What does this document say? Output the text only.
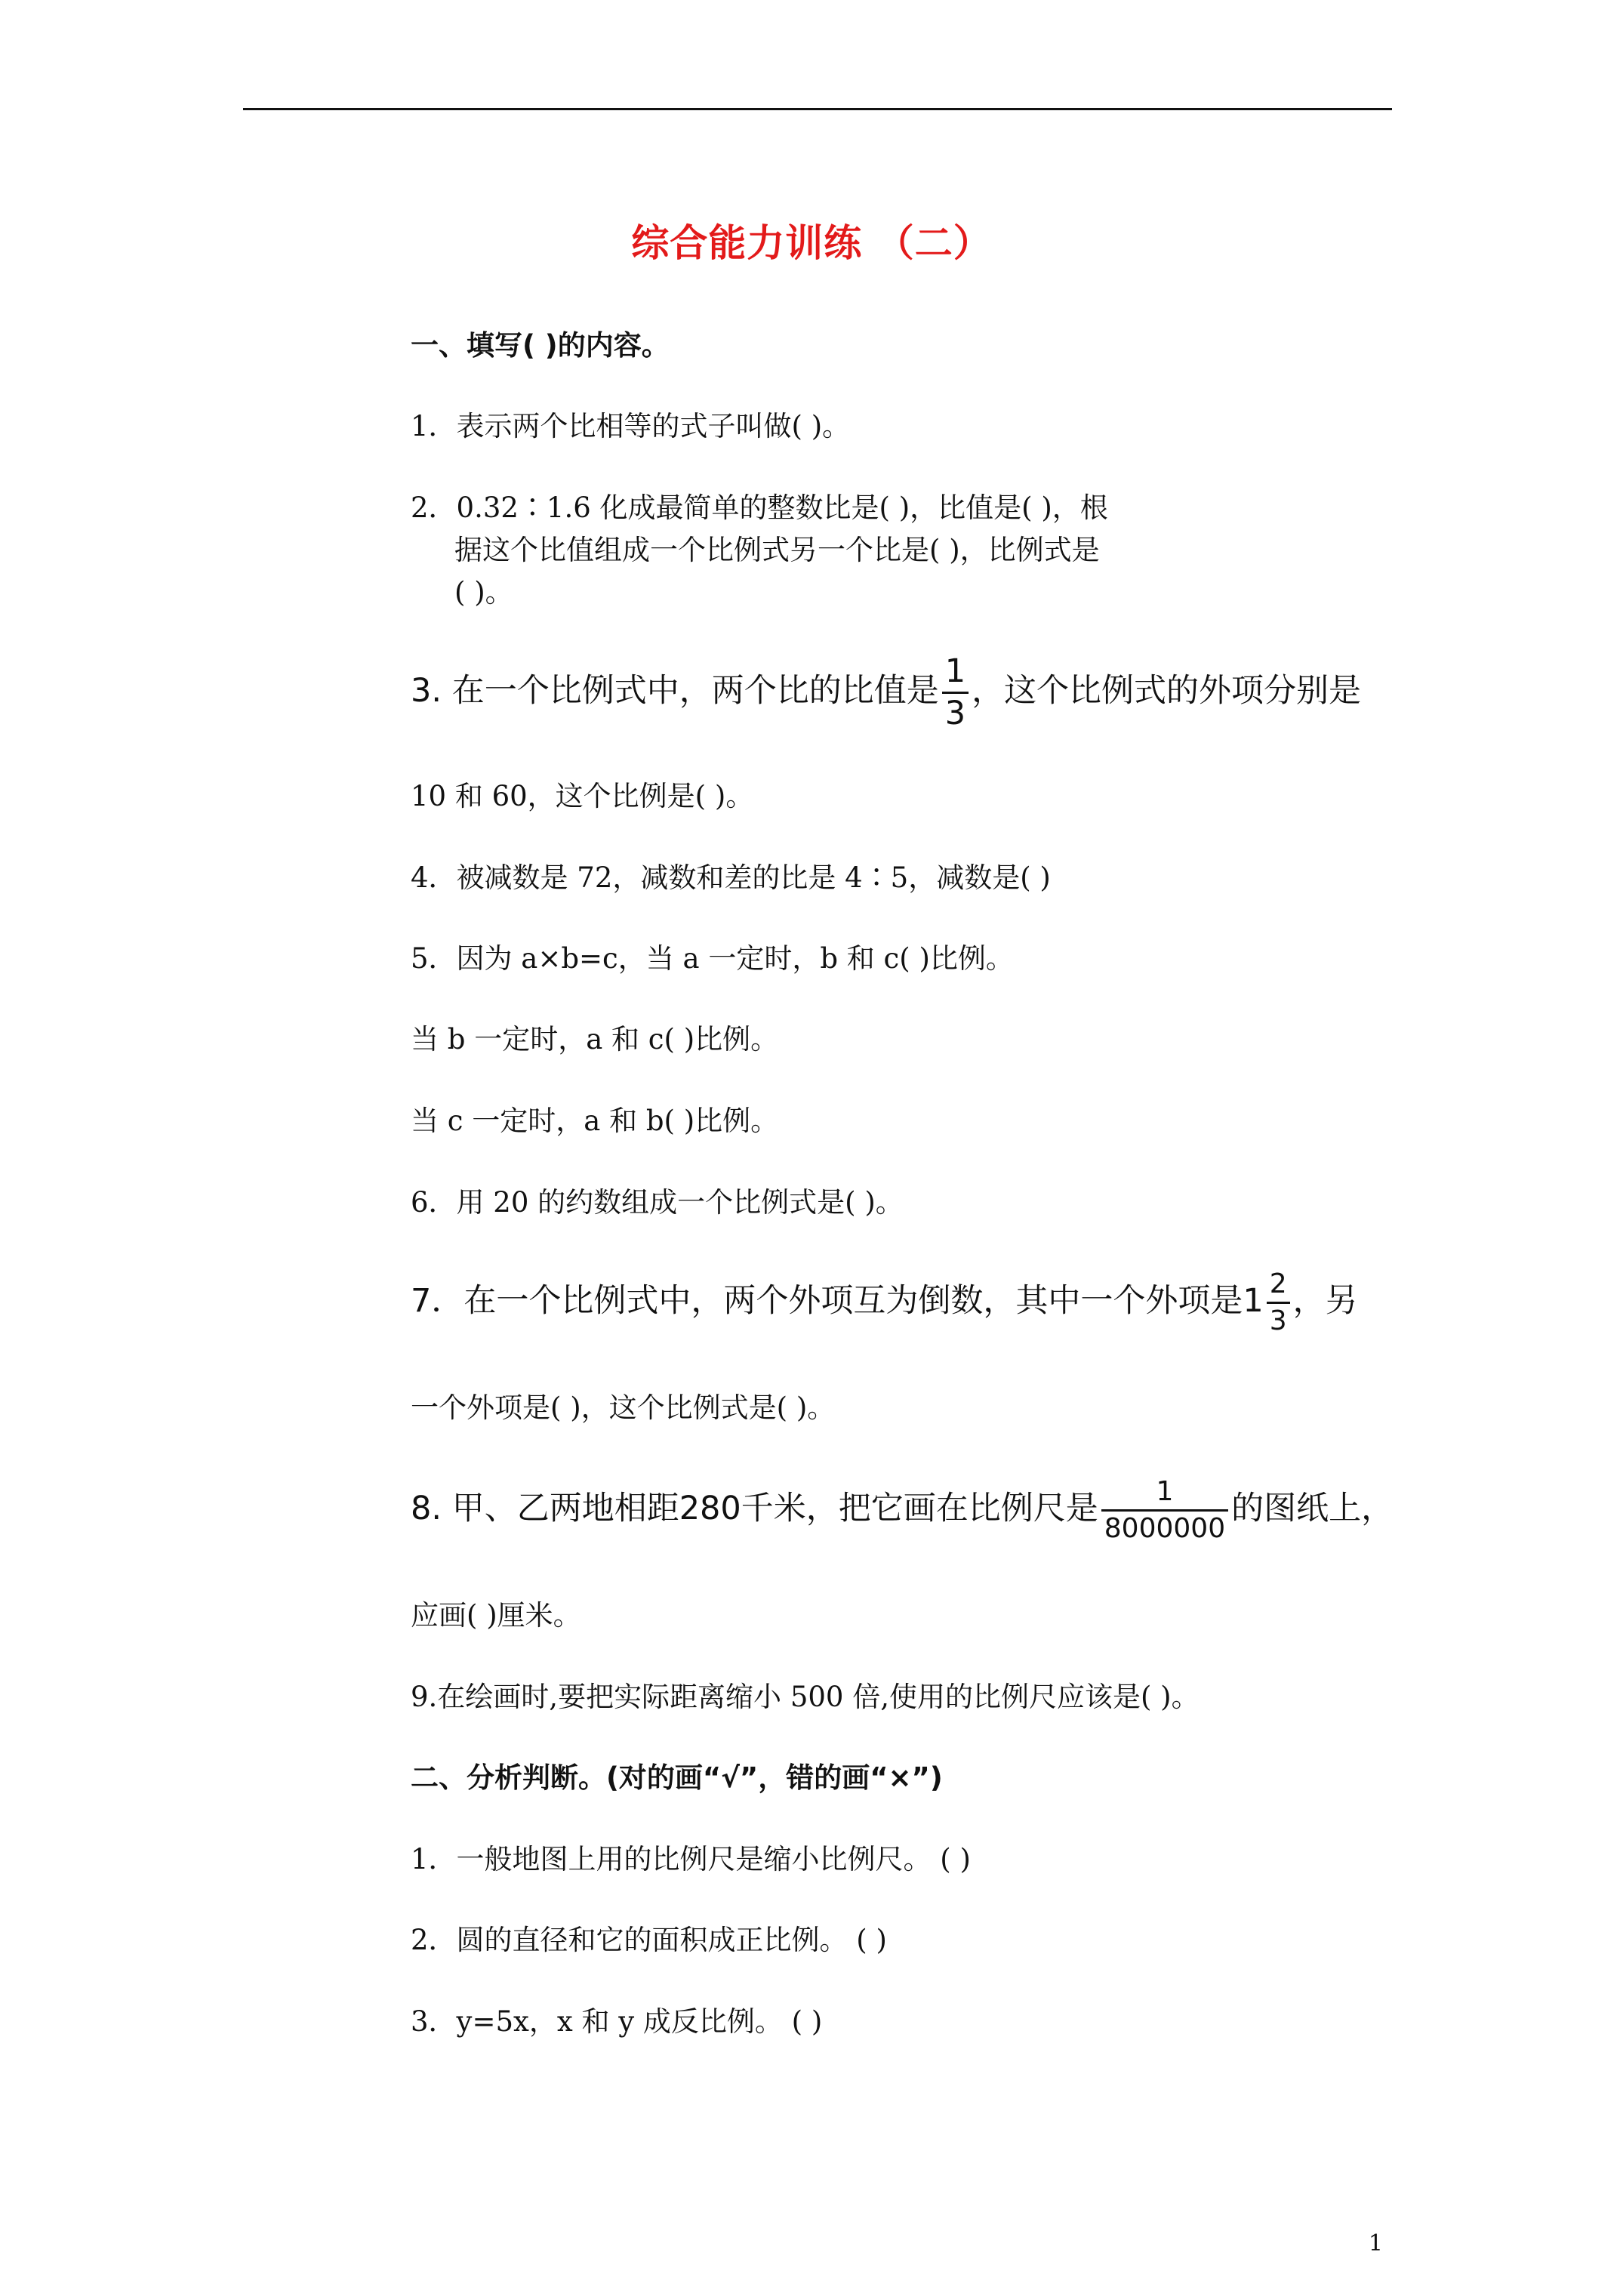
综合能力训练 （二）
一、填写( )的内容。
1．表示两个比相等的式子叫做( )。
2．0.32∶1.6 化成最简单的整数比是( )，比值是( )，根
据这个比值组成一个比例式另一个比是( )，比例式是
( )。
3. 在一个比例式中，两个比的比值是 $\frac{1}{3}$ ，这个比例式的外项分别是
10 和 60，这个比例是( )。
4．被减数是 72，减数和差的比是 4∶5，减数是( )
5．因为 a×b=c，当 a 一定时，b 和 c( )比例。
当 b 一定时，a 和 c( )比例。
当 c 一定时，a 和 b( )比例。
6．用 20 的约数组成一个比例式是( )。
7．在一个比例式中，两个外项互为倒数，其中一个外项是$1 \frac{2}{3}$ ，另
一个外项是( )，这个比例式是( )。
8. 甲、乙两地相距280千米，把它画在比例尺是 $\frac{1}{8000000}$ 的图纸上，
应画( )厘米。
9.在绘画时,要把实际距离缩小 500 倍,使用的比例尺应该是( )。
二、分析判断。(对的画“√”，错的画“×”)
1．一般地图上用的比例尺是缩小比例尺。 ( )
2．圆的直径和它的面积成正比例。 ( )
3．y=5x，x 和 y 成反比例。 ( )
1
